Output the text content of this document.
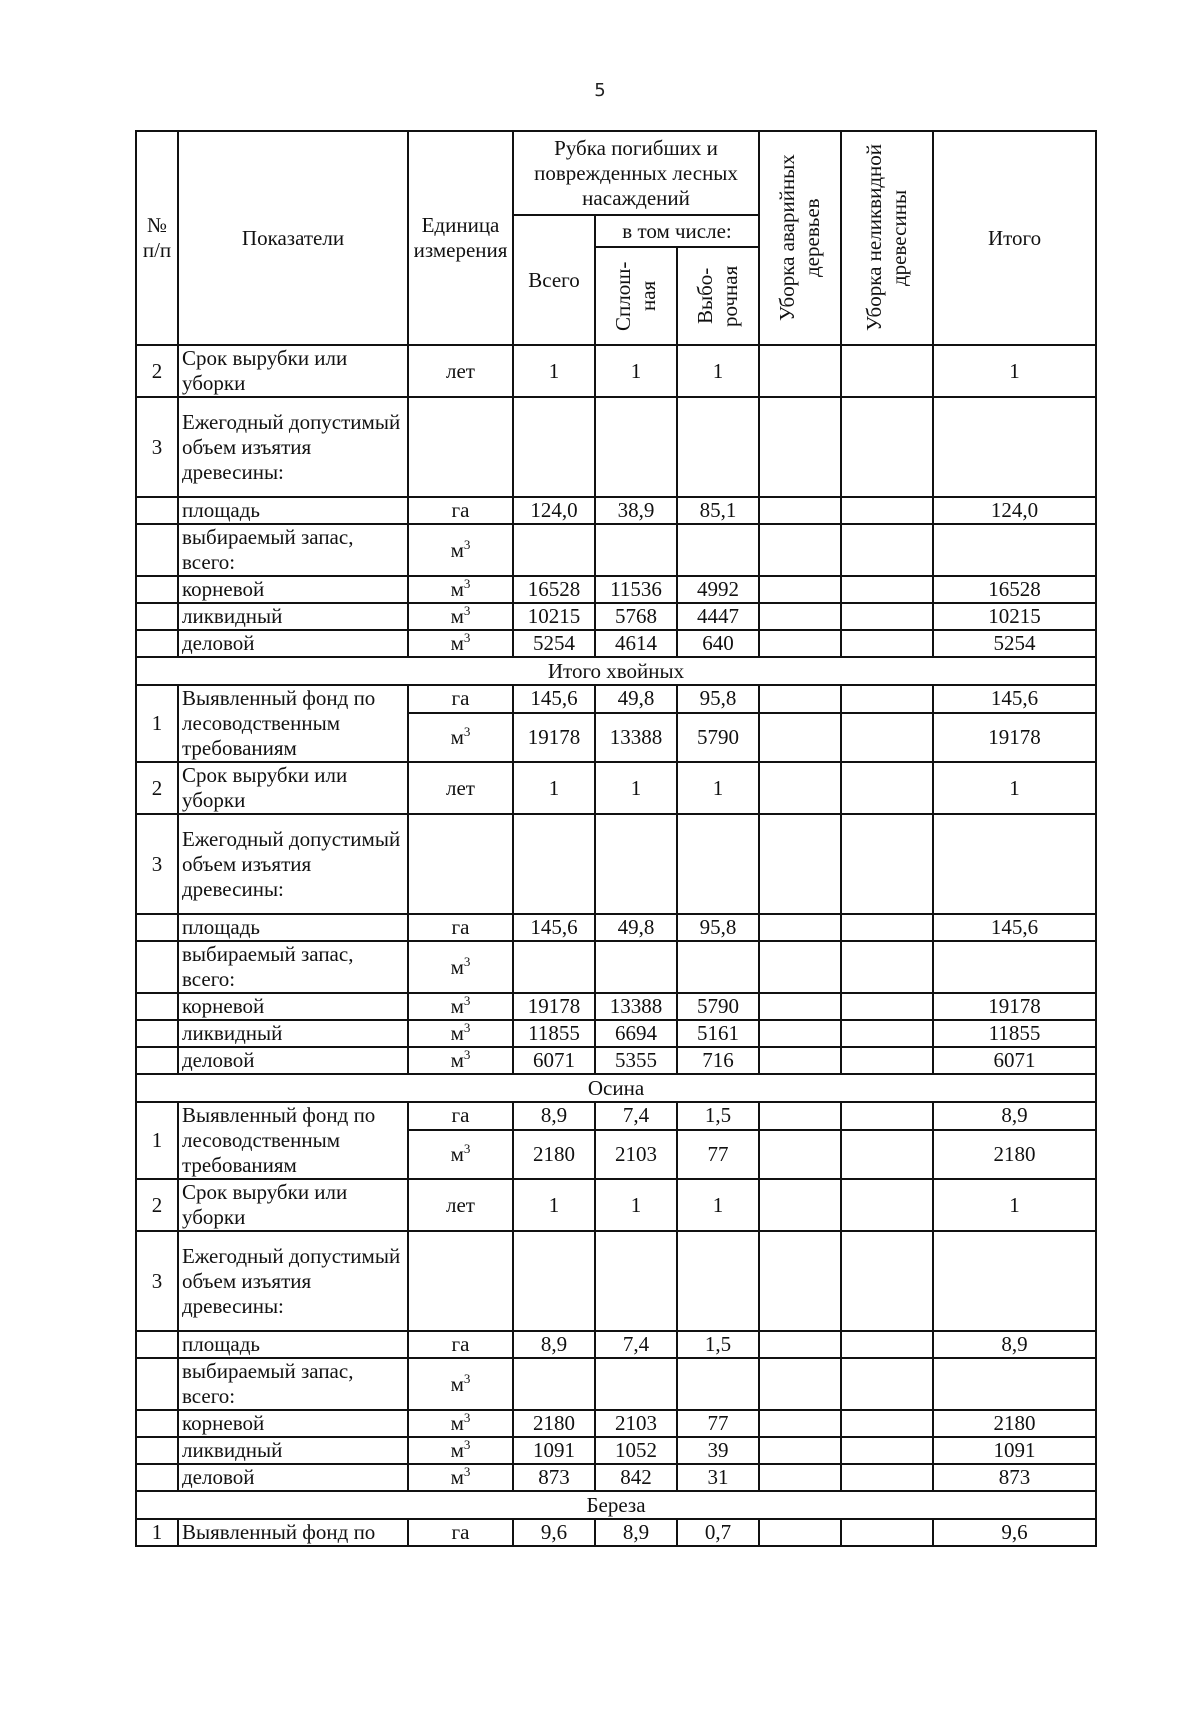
5
№ п/п	Показатели	Единица измерения	Рубка погибших и поврежденных лесных насаждений			Уборка аварийных деревьев	Уборка неликвидной древесины	Итого
			Всего	в том числе:				

				Сплош-ная	Выбо-рочная			

2	Срок вырубки или уборки	лет	1	1	1			1
3	Ежегодный допустимый объем изъятия древесины:							
	площадь	га	124,0	38,9	85,1			124,0
	выбираемый запас, всего:	$м^3$						
	корневой	$м^3$	16528	11536	4992			16528
	ликвидный	$м^3$	10215	5768	4447			10215
	деловой	$м^3$	5254	4614	640			5254
Итого хвойных								
1	Выявленный фонд по лесоводственным требованиям	га	145,6	49,8	95,8			145,6
		$м^3$	19178	13388	5790			19178
2	Срок вырубки или уборки	лет	1	1	1			1
3	Ежегодный допустимый объем изъятия древесины:							
	площадь	га	145,6	49,8	95,8			145,6
	выбираемый запас, всего:	$м^3$						
	корневой	$м^3$	19178	13388	5790			19178
	ликвидный	$м^3$	11855	6694	5161			11855
	деловой	$м^3$	6071	5355	716			6071
Осина								
1	Выявленный фонд по лесоводственным требованиям	га	8,9	7,4	1,5			8,9
		$м^3$	2180	2103	77			2180
2	Срок вырубки или уборки	лет	1	1	1			1
3	Ежегодный допустимый объем изъятия древесины:							
	площадь	га	8,9	7,4	1,5			8,9
	выбираемый запас, всего:	$м^3$						
	корневой	$м^3$	2180	2103	77			2180
	ликвидный	$м^3$	1091	1052	39			1091
	деловой	$м^3$	873	842	31			873
Береза								
1	Выявленный фонд по	га	9,6	8,9	0,7			9,6
